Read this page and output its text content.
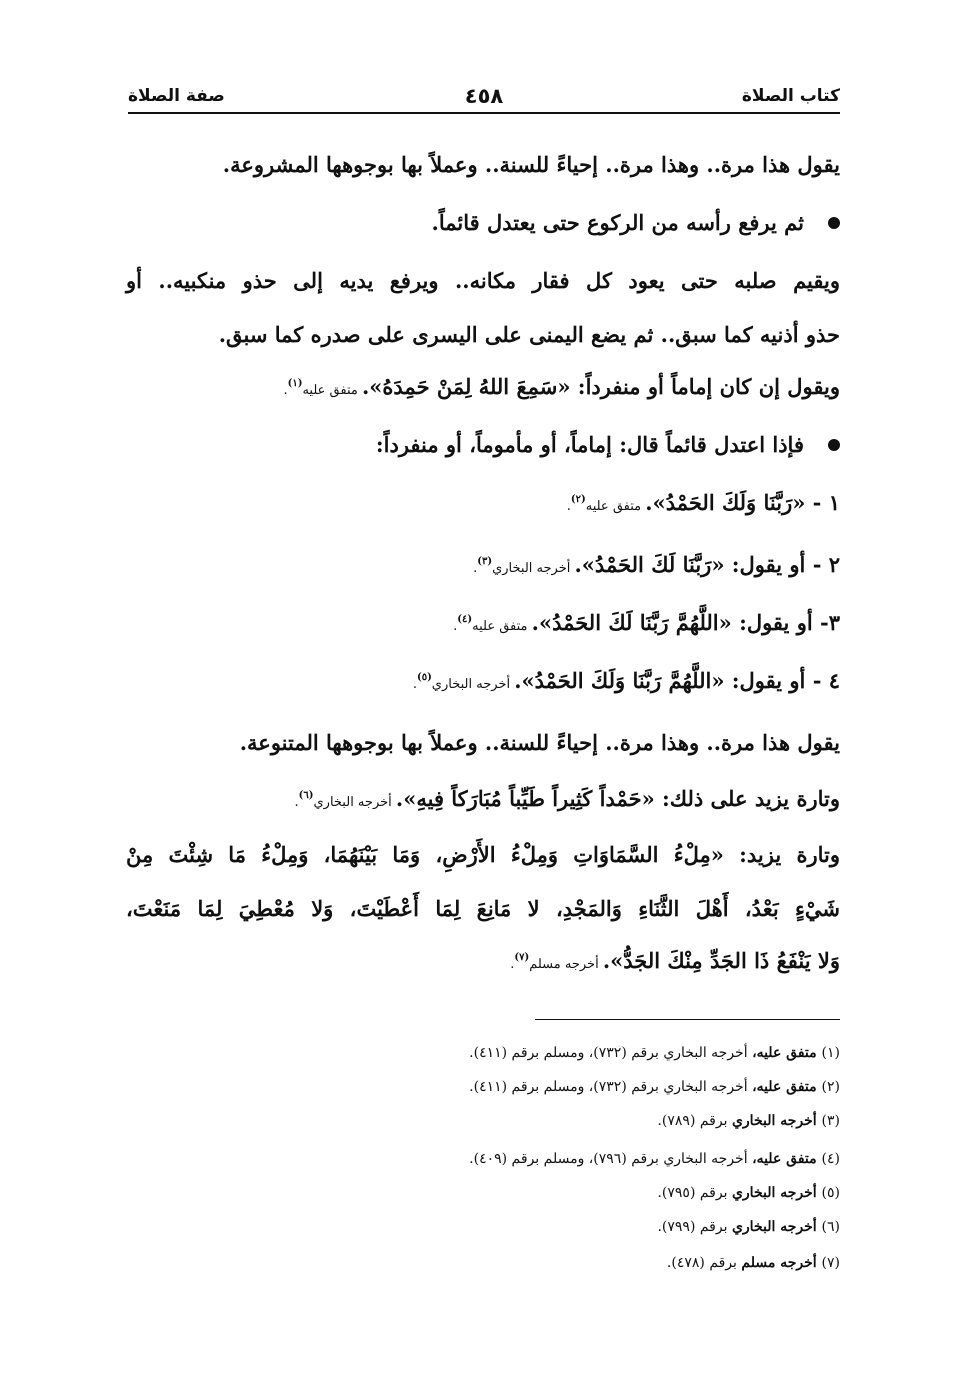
كتاب الصلاة
٤٥٨
صفة الصلاة
يقول هذا مرة.. وهذا مرة.. إحياءً للسنة.. وعملاً بها بوجوهها المشروعة.
ثم يرفع رأسه من الركوع حتى يعتدل قائماً.
ويقيم صلبه حتى يعود كل فقار مكانه.. ويرفع يديه إلى حذو منكبيه.. أو
حذو أذنيه كما سبق.. ثم يضع اليمنى على اليسرى على صدره كما سبق.
ويقول إن كان إماماً أو منفرداً: «سَمِعَ اللهُ لِمَنْ حَمِدَهُ». متفق عليه$^{(١)}$.
فإذا اعتدل قائماً قال: إماماً، أو مأموماً، أو منفرداً:
١ - «رَبَّنَا وَلَكَ الحَمْدُ». متفق عليه$^{(٢)}$.
٢ - أو يقول: «رَبَّنَا لَكَ الحَمْدُ». أخرجه البخاري$^{(٣)}$.
٣- أو يقول: «اللَّهُمَّ رَبَّنَا لَكَ الحَمْدُ». متفق عليه$^{(٤)}$.
٤ - أو يقول: «اللَّهُمَّ رَبَّنَا وَلَكَ الحَمْدُ». أخرجه البخاري$^{(٥)}$.
يقول هذا مرة.. وهذا مرة.. إحياءً للسنة.. وعملاً بها بوجوهها المتنوعة.
وتارة يزيد على ذلك: «حَمْداً كَثِيراً طَيِّباً مُبَارَكاً فِيهِ». أخرجه البخاري$^{(٦)}$.
وتارة يزيد: «مِلْءُ السَّمَاوَاتِ وَمِلْءُ الأَرْضِ، وَمَا بَيْنَهُمَا، وَمِلْءُ مَا شِئْتَ مِنْ
شَيْءٍ بَعْدُ، أَهْلَ الثَّنَاءِ وَالمَجْدِ، لا مَانِعَ لِمَا أَعْطَيْتَ، وَلا مُعْطِيَ لِمَا مَنَعْتَ،
وَلا يَنْفَعُ ذَا الجَدِّ مِنْكَ الجَدُّ». أخرجه مسلم$^{(٧)}$.
(١) متفق عليه، أخرجه البخاري برقم (٧٣٢)، ومسلم برقم (٤١١).
(٢) متفق عليه، أخرجه البخاري برقم (٧٣٢)، ومسلم برقم (٤١١).
(٣) أخرجه البخاري برقم (٧٨٩).
(٤) متفق عليه، أخرجه البخاري برقم (٧٩٦)، ومسلم برقم (٤٠٩).
(٥) أخرجه البخاري برقم (٧٩٥).
(٦) أخرجه البخاري برقم (٧٩٩).
(٧) أخرجه مسلم برقم (٤٧٨).
